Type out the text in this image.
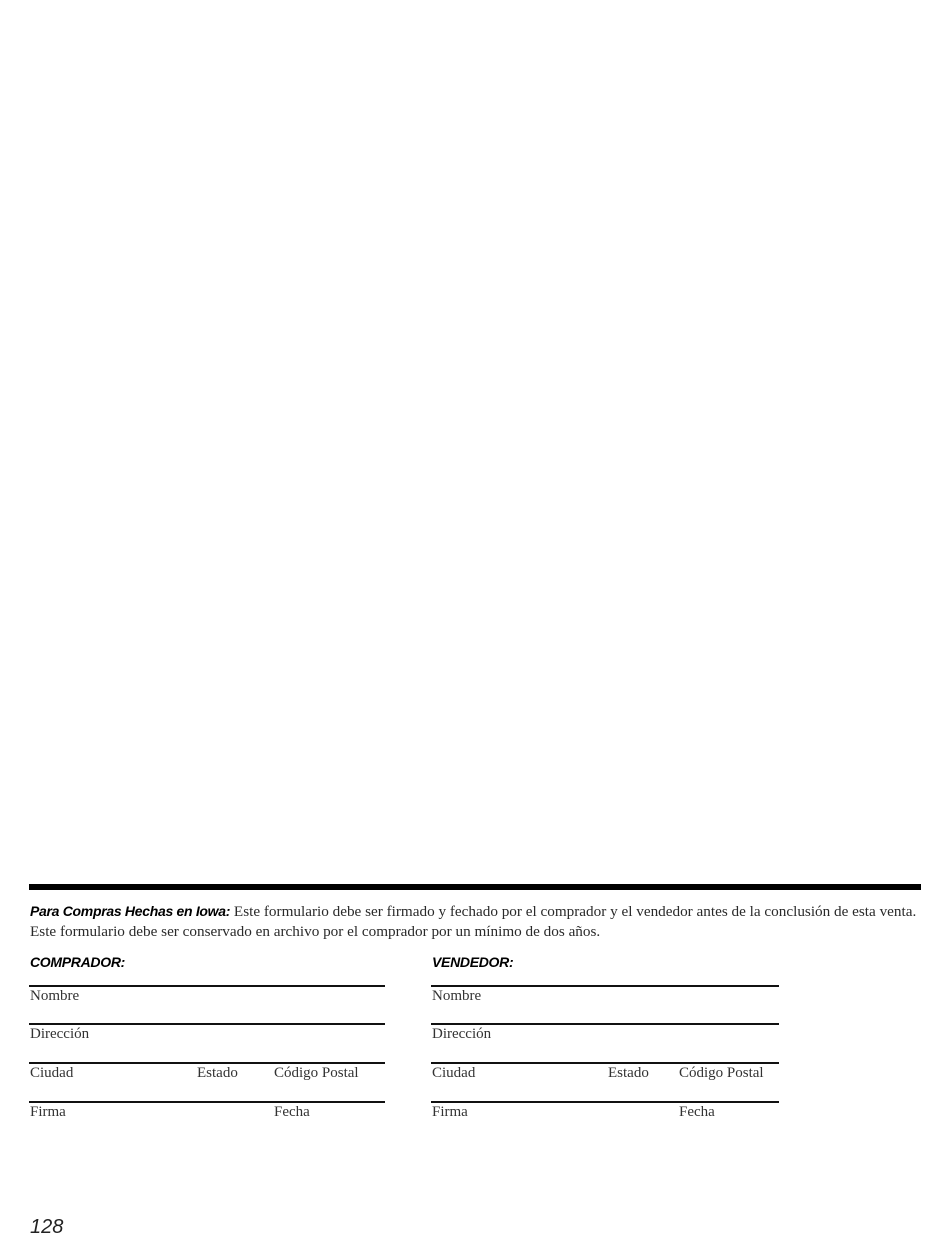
Para Compras Hechas en Iowa: Este formulario debe ser firmado y fechado por el comprador y el vendedor antes de la conclusión de esta venta. Este formulario debe ser conservado en archivo por el comprador por un mínimo de dos años.

COMPRADOR:
Nombre
Dirección
Ciudad	Estado Código Postal
Firma	Fecha
VENDEDOR:
Nombre
Dirección
Ciudad	Estado Código Postal
Firma	Fecha
128
